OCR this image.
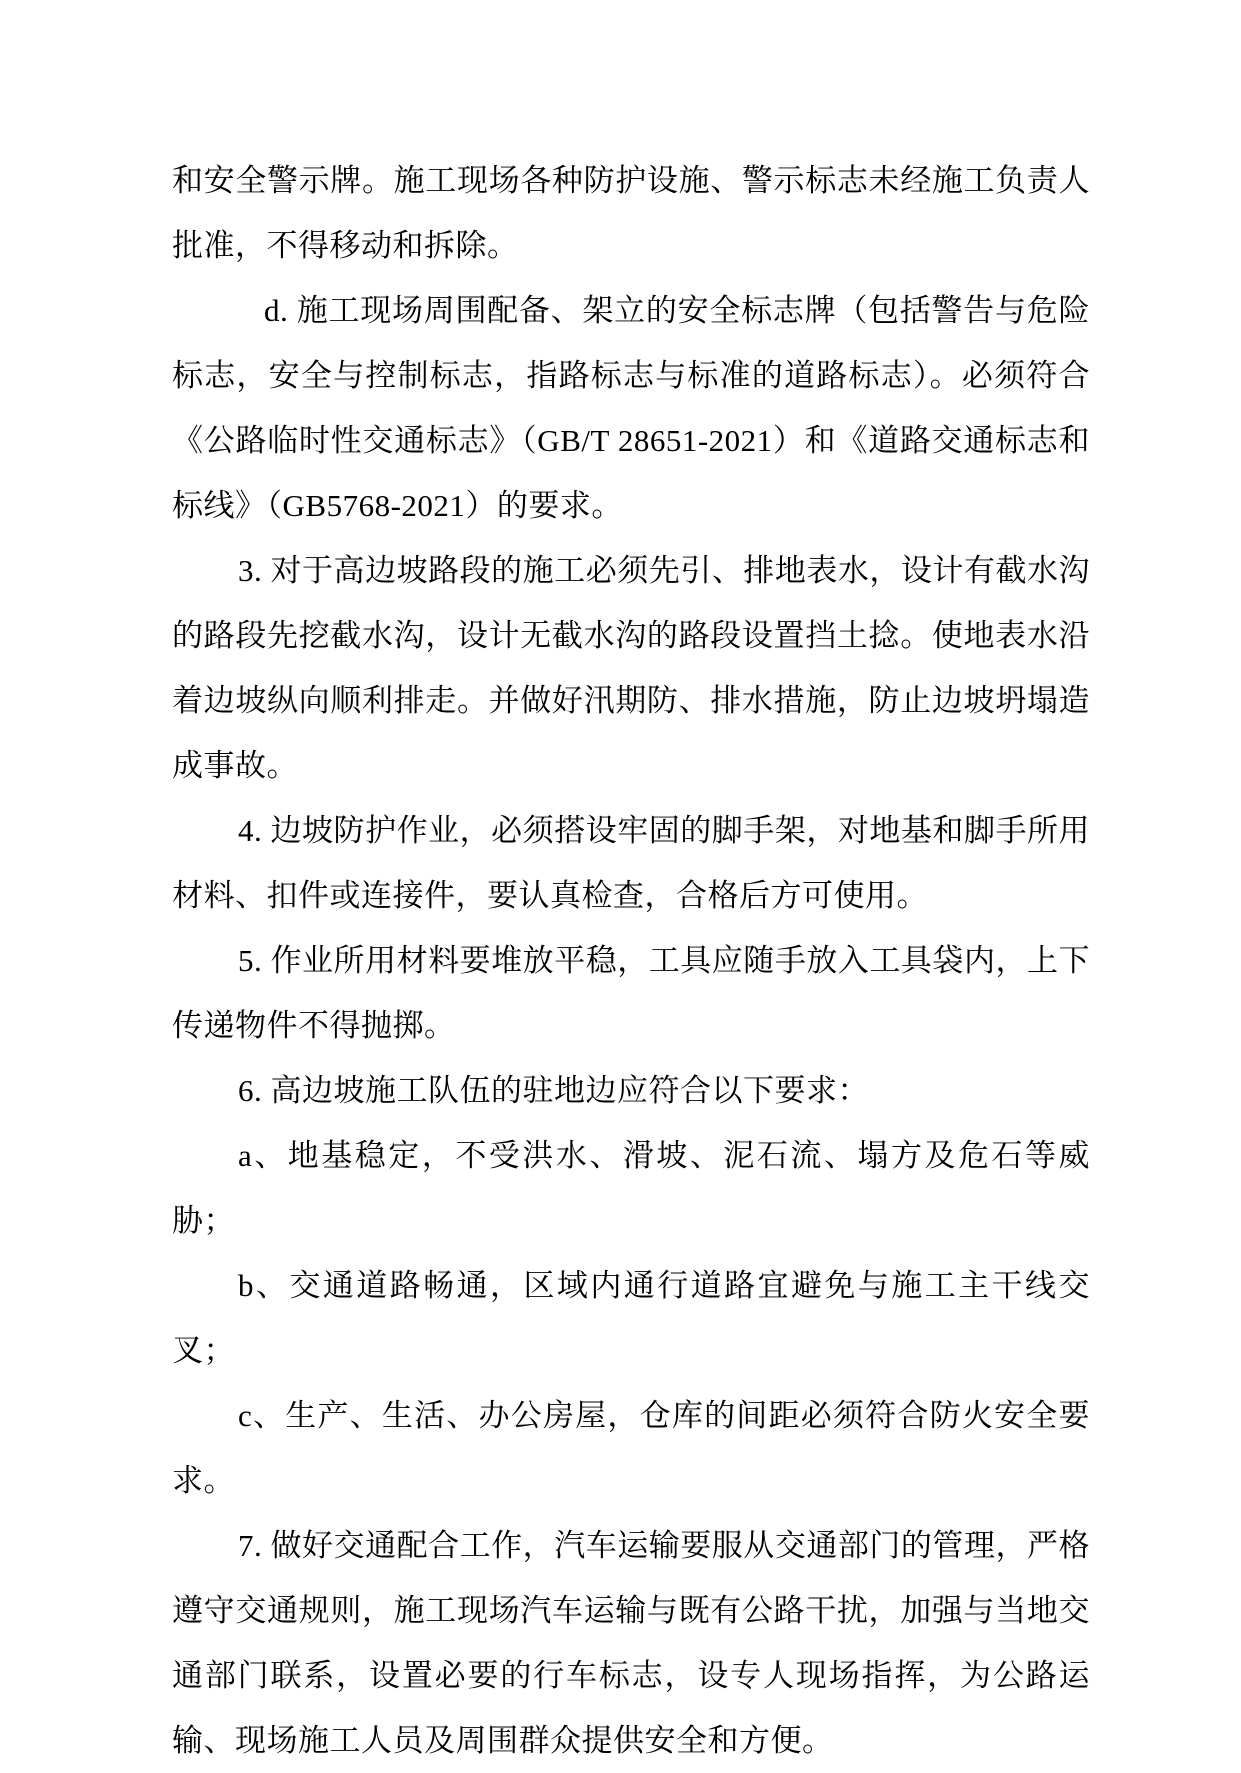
和安全警示牌。施工现场各种防护设施、警示标志未经施工负责人批准，不得移动和拆除。

d. 施工现场周围配备、架立的安全标志牌（包括警告与危险标志，安全与控制标志，指路标志与标准的道路标志）。必须符合《公路临时性交通标志》（GB/T 28651-2021）和《道路交通标志和标线》（GB5768-2021）的要求。

3. 对于高边坡路段的施工必须先引、排地表水，设计有截水沟的路段先挖截水沟，设计无截水沟的路段设置挡土捻。使地表水沿着边坡纵向顺利排走。并做好汛期防、排水措施，防止边坡坍塌造成事故。

4. 边坡防护作业，必须搭设牢固的脚手架，对地基和脚手所用材料、扣件或连接件，要认真检查，合格后方可使用。

5. 作业所用材料要堆放平稳，工具应随手放入工具袋内，上下传递物件不得抛掷。

6. 高边坡施工队伍的驻地边应符合以下要求：

a、地基稳定，不受洪水、滑坡、泥石流、塌方及危石等威胁；

b、交通道路畅通，区域内通行道路宜避免与施工主干线交叉；

c、生产、生活、办公房屋，仓库的间距必须符合防火安全要求。

7. 做好交通配合工作，汽车运输要服从交通部门的管理，严格遵守交通规则，施工现场汽车运输与既有公路干扰，加强与当地交通部门联系，设置必要的行车标志，设专人现场指挥，为公路运输、现场施工人员及周围群众提供安全和方便。
